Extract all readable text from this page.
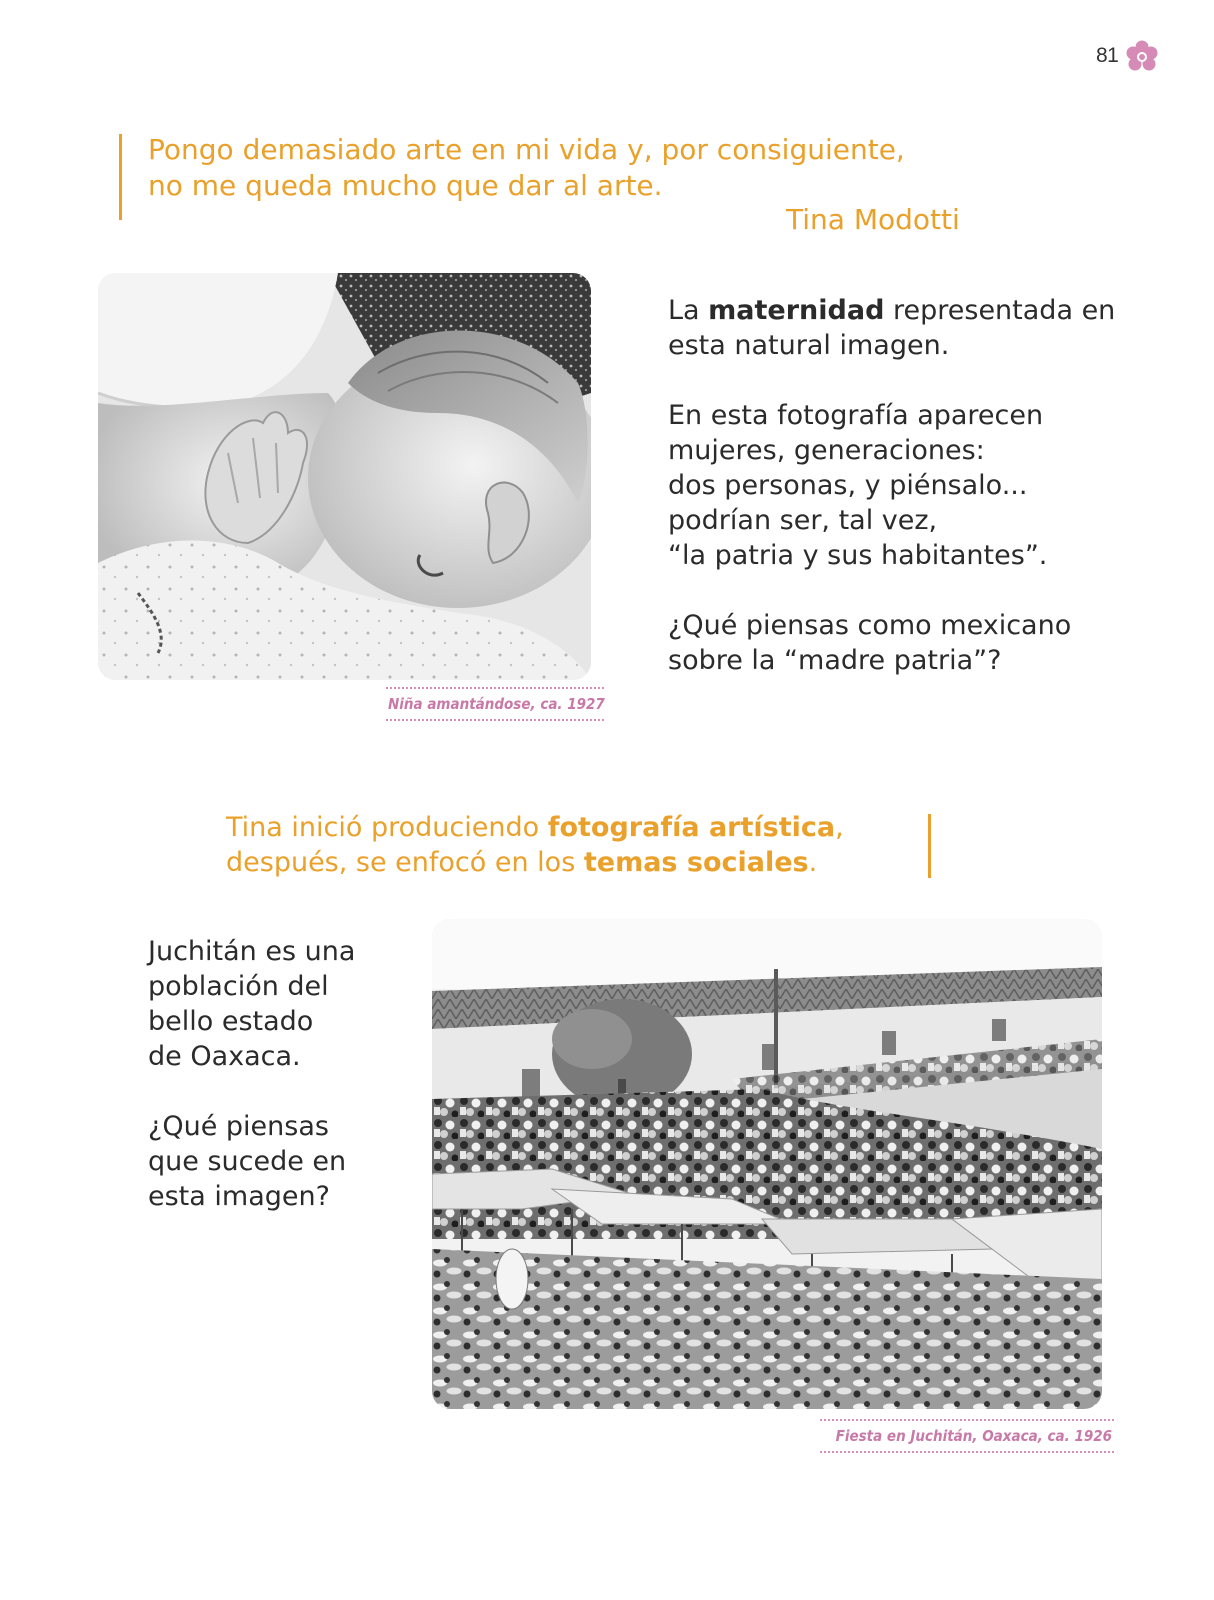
81
Pongo demasiado arte en mi vida y, por consiguiente,
no me queda mucho que dar al arte.
Tina Modotti
Niña amantándose, ca. 1927

La maternidad representada en esta natural imagen.

En esta fotografía aparecen
mujeres, generaciones:
dos personas, y piénsalo...
podrían ser, tal vez,
“la patria y sus habitantes”.

¿Qué piensas como mexicano
sobre la “madre patria”?

Tina inició produciendo fotografía artística,
después, se enfocó en los temas sociales.

Juchitán es una
población del
bello estado
de Oaxaca.

¿Qué piensas
que sucede en
esta imagen?

Fiesta en Juchitán, Oaxaca, ca. 1926
